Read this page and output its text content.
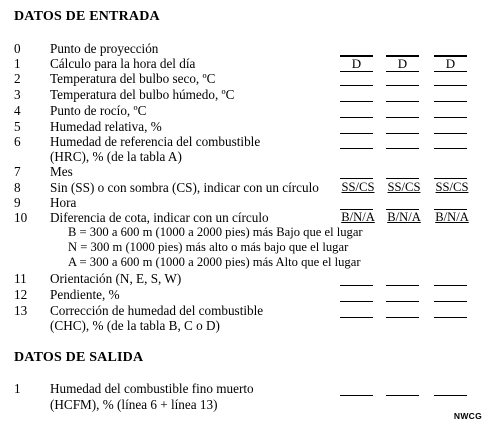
DATOS DE ENTRADA
0 Punto de proyección
1 Cálculo para la hora del día	D	D	D
2 Temperatura del bulbo seco, ºC
3 Temperatura del bulbo húmedo, ºC
4 Punto de rocío, ºC
5 Humedad relativa, %
6 Humedad de referencia del combustible
(HRC), % (de la tabla A)
7 Mes
8 Sin (SS) o con sombra (CS), indicar con un círculo SS/CS SS/CS SS/CS
9 Hora
10 Diferencia de cota, indicar con un círculo	B/N/A B/N/A B/N/A
B = 300 a 600 m (1000 a 2000 pies) más Bajo que el lugar
N = 300 m (1000 pies) más alto o más bajo que el lugar
A = 300 a 600 m (1000 a 2000 pies) más Alto que el lugar
11 Orientación (N, E, S, W)
12 Pendiente, %
13 Corrección de humedad del combustible
(CHC), % (de la tabla B, C o D)
DATOS DE SALIDA
1 Humedad del combustible fino muerto
(HCFM), % (línea 6 + línea 13)
NWCG
